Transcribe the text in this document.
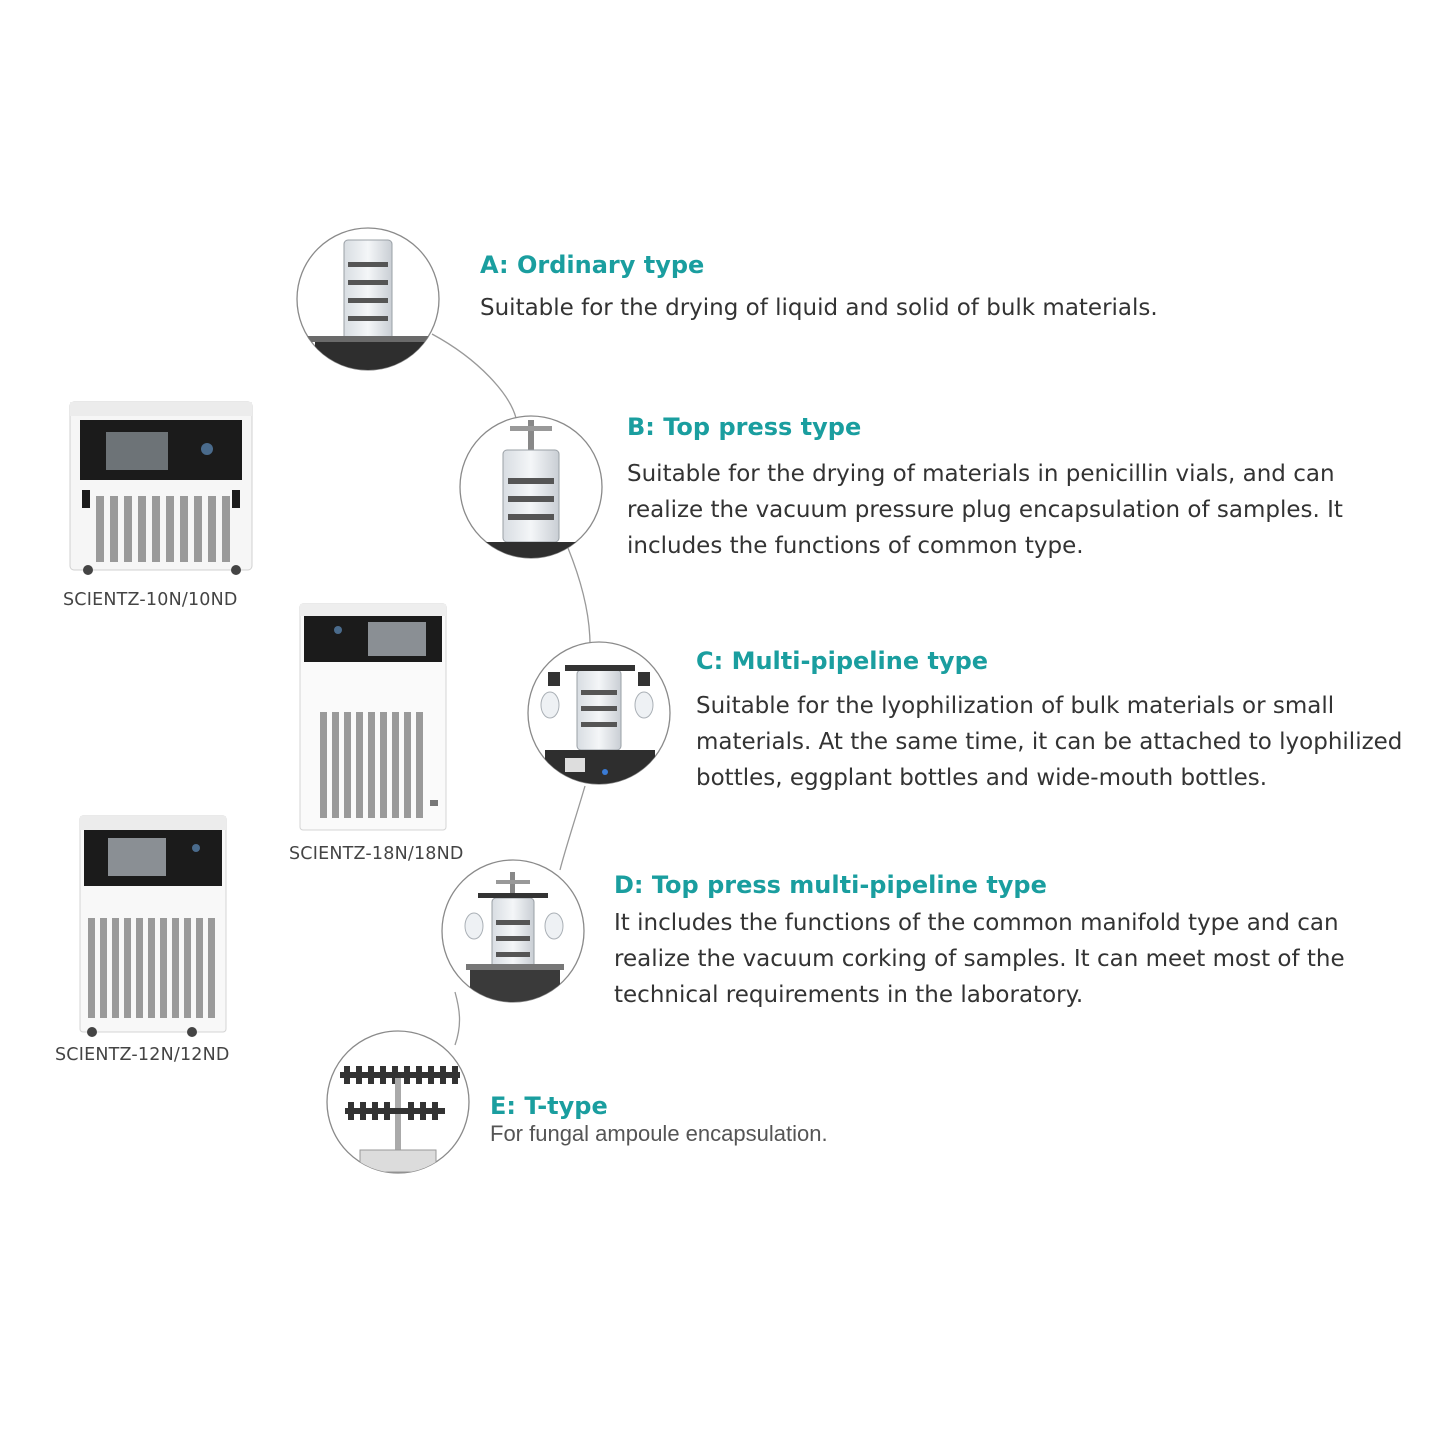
SCIENTZ-10N/10ND
SCIENTZ-18N/18ND
SCIENTZ-12N/12ND
A: Ordinary type
Suitable for the drying of liquid and solid of bulk materials.
B: Top press type
Suitable for the drying of materials in penicillin vials, and can
realize the vacuum pressure plug encapsulation of samples. It
includes the functions of common type.
C: Multi-pipeline type
Suitable for the lyophilization of bulk materials or small
materials. At the same time, it can be attached to lyophilized
bottles, eggplant bottles and wide-mouth bottles.
D: Top press multi-pipeline type
It includes the functions of the common manifold type and can
realize the vacuum corking of samples. It can meet most of the
technical requirements in the laboratory.
E: T-type
For fungal ampoule encapsulation.
